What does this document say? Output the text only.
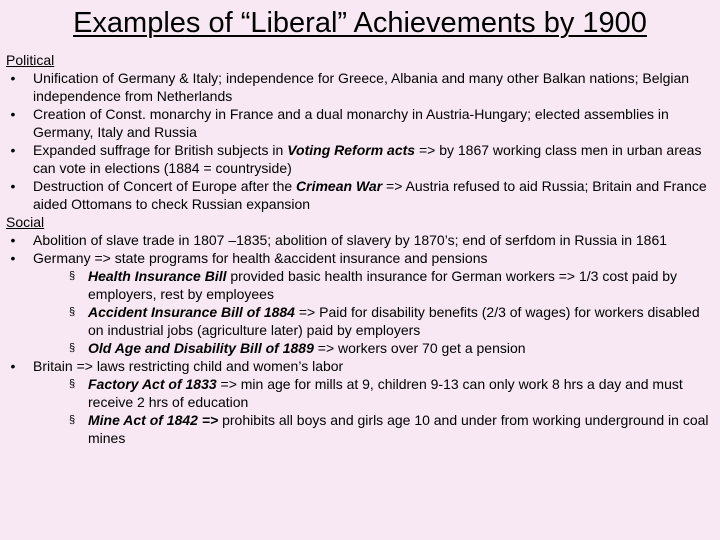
Examples of “Liberal” Achievements by 1900
Political
•	Unification of Germany & Italy; independence for Greece, Albania and many other Balkan nations; Belgian independence from Netherlands
•	Creation of Const. monarchy in France and a dual monarchy in Austria-Hungary; elected assemblies in Germany, Italy and Russia
•	Expanded suffrage for British subjects in Voting Reform acts => by 1867 working class men in urban areas can vote in elections (1884 = countryside)
•	Destruction of Concert of Europe after the Crimean War => Austria refused to aid Russia; Britain and France aided Ottomans to check Russian expansion
Social
•	Abolition of slave trade in 1807 –1835; abolition of slavery by 1870’s; end of serfdom in Russia in 1861
•	Germany => state programs for health &accident insurance and pensions
§ Health Insurance Bill provided basic health insurance for German workers => 1/3 cost paid by employers, rest by employees
§ Accident Insurance Bill of 1884 => Paid for disability benefits (2/3 of wages) for workers disabled on industrial jobs (agriculture later) paid by employers
§ Old Age and Disability Bill of 1889 => workers over 70 get a pension
•	Britain => laws restricting child and women’s labor
§ Factory Act of 1833 => min age for mills at 9, children 9-13 can only work 8 hrs a day and must receive 2 hrs of education
§ Mine Act of 1842 => prohibits all boys and girls age 10 and under from working underground in coal mines
